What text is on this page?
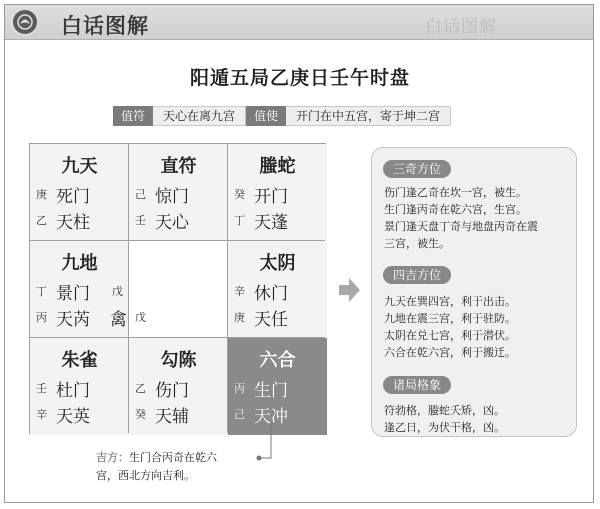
白话图解	白话图解
阳遁五局乙庚日壬午时盘
值符	天心在离九宫	值使	开门在中五宫，寄于坤二宫
九天
庚 死门
乙 天柱
直符
己 惊门
壬 天心
螣蛇
癸 开门
丁 天蓬
九地
丁 景门 戊
丙 天芮 禽 戊
太阴
辛 休门
庚 天任
朱雀
壬 杜门
辛 天英
勾陈
乙 伤门
癸 天辅
六合
丙 生门
己 天冲
三奇方位
伤门逢乙奇在坎一宫，被生。
生门逢丙奇在乾六宫，生宫。
景门逢天盘丁奇与地盘丙奇在震
三宫，被生。
四吉方位
九天在巽四宫，利于出击。
九地在震三宫，利于驻防。
太阴在兑七宫，利于潜伏。
六合在乾六宫，利于搬迁。
诸局格象
符勃格，螣蛇夭矫，凶。
逢乙日，为伏干格，凶。
吉方：生门合丙奇在乾六
宫，西北方向吉利。
